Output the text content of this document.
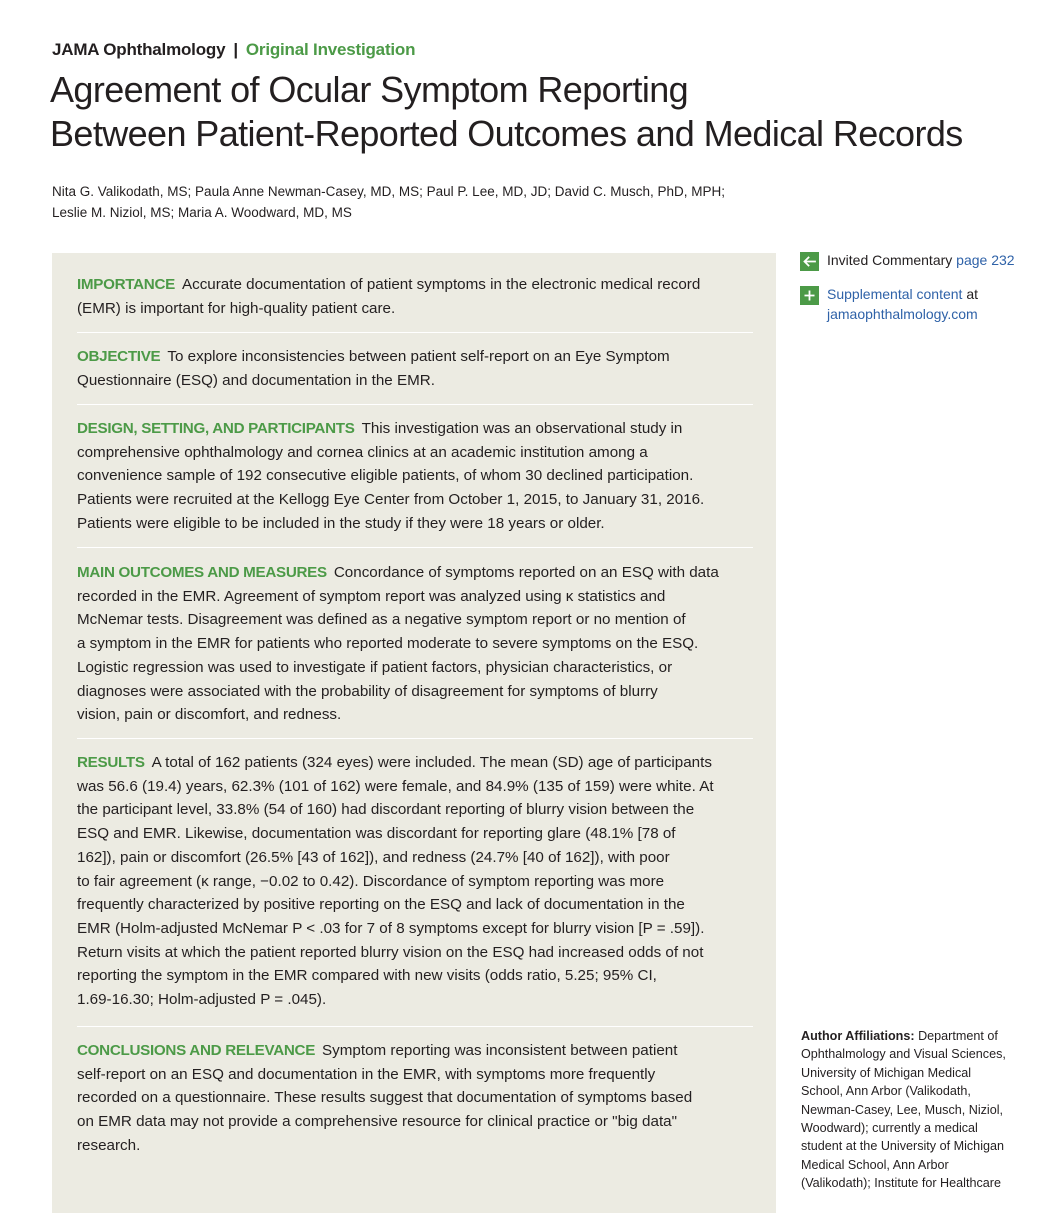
JAMA Ophthalmology | Original Investigation
Agreement of Ocular Symptom Reporting
Between Patient-Reported Outcomes and Medical Records
Nita G. Valikodath, MS; Paula Anne Newman-Casey, MD, MS; Paul P. Lee, MD, JD; David C. Musch, PhD, MPH;
Leslie M. Niziol, MS; Maria A. Woodward, MD, MS
IMPORTANCE Accurate documentation of patient symptoms in the electronic medical record
(EMR) is important for high-quality patient care.
OBJECTIVE To explore inconsistencies between patient self-report on an Eye Symptom
Questionnaire (ESQ) and documentation in the EMR.
DESIGN, SETTING, AND PARTICIPANTS This investigation was an observational study in
comprehensive ophthalmology and cornea clinics at an academic institution among a
convenience sample of 192 consecutive eligible patients, of whom 30 declined participation.
Patients were recruited at the Kellogg Eye Center from October 1, 2015, to January 31, 2016.
Patients were eligible to be included in the study if they were 18 years or older.
MAIN OUTCOMES AND MEASURES Concordance of symptoms reported on an ESQ with data
recorded in the EMR. Agreement of symptom report was analyzed using κ statistics and
McNemar tests. Disagreement was defined as a negative symptom report or no mention of
a symptom in the EMR for patients who reported moderate to severe symptoms on the ESQ.
Logistic regression was used to investigate if patient factors, physician characteristics, or
diagnoses were associated with the probability of disagreement for symptoms of blurry
vision, pain or discomfort, and redness.
RESULTS A total of 162 patients (324 eyes) were included. The mean (SD) age of participants
was 56.6 (19.4) years, 62.3% (101 of 162) were female, and 84.9% (135 of 159) were white. At
the participant level, 33.8% (54 of 160) had discordant reporting of blurry vision between the
ESQ and EMR. Likewise, documentation was discordant for reporting glare (48.1% [78 of
162]), pain or discomfort (26.5% [43 of 162]), and redness (24.7% [40 of 162]), with poor
to fair agreement (κ range, −0.02 to 0.42). Discordance of symptom reporting was more
frequently characterized by positive reporting on the ESQ and lack of documentation in the
EMR (Holm-adjusted McNemar P < .03 for 7 of 8 symptoms except for blurry vision [P = .59]).
Return visits at which the patient reported blurry vision on the ESQ had increased odds of not
reporting the symptom in the EMR compared with new visits (odds ratio, 5.25; 95% CI,
1.69-16.30; Holm-adjusted P = .045).
CONCLUSIONS AND RELEVANCE Symptom reporting was inconsistent between patient
self-report on an ESQ and documentation in the EMR, with symptoms more frequently
recorded on a questionnaire. These results suggest that documentation of symptoms based
on EMR data may not provide a comprehensive resource for clinical practice or "big data"
research.
Invited Commentary page 232
Supplemental content at
jamaophthalmology.com
Author Affiliations: Department of
Ophthalmology and Visual Sciences,
University of Michigan Medical
School, Ann Arbor (Valikodath,
Newman-Casey, Lee, Musch, Niziol,
Woodward); currently a medical
student at the University of Michigan
Medical School, Ann Arbor
(Valikodath); Institute for Healthcare
